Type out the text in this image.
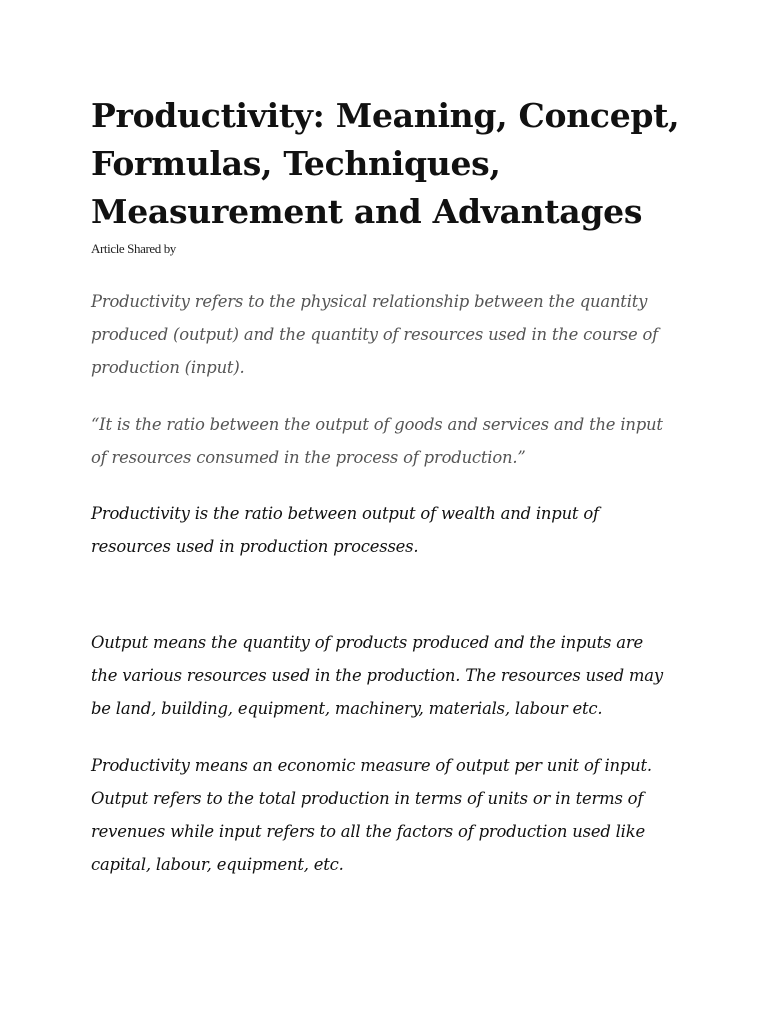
Productivity: Meaning, Concept,
Formulas, Techniques,
Measurement and Advantages
Article Shared by

Productivity refers to the physical relationship between the quantity
produced (output) and the quantity of resources used in the course of
production (input).

“It is the ratio between the output of goods and services and the input
of resources consumed in the process of production.”

Productivity is the ratio between output of wealth and input of
resources used in production processes.

Output means the quantity of products produced and the inputs are
the various resources used in the production. The resources used may
be land, building, equipment, machinery, materials, labour etc.

Productivity means an economic measure of output per unit of input.
Output refers to the total production in terms of units or in terms of
revenues while input refers to all the factors of production used like
capital, labour, equipment, etc.
